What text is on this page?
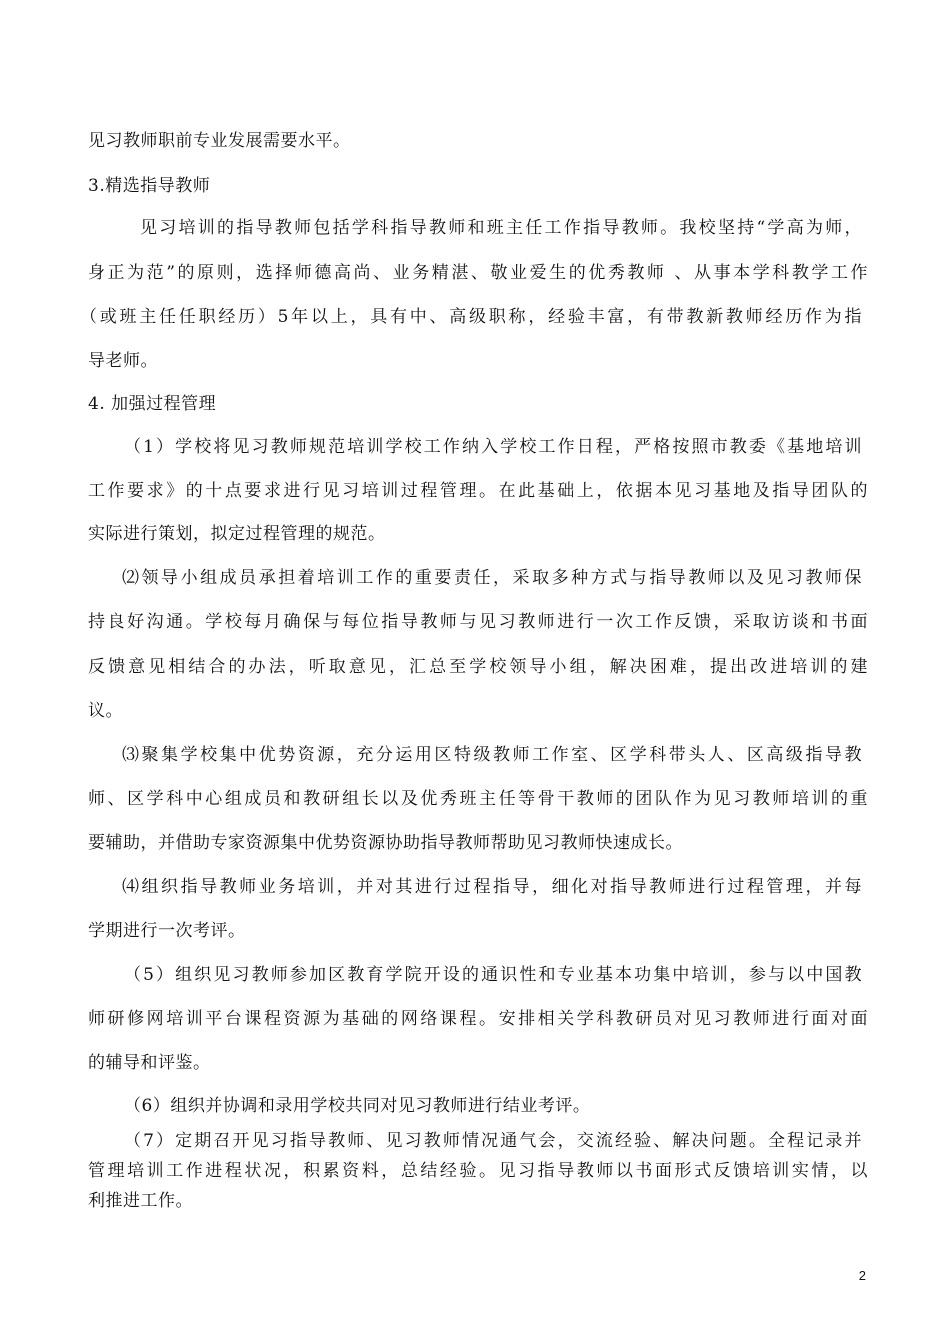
见习教师职前专业发展需要水平。
3.精选指导教师
见习培训的指导教师包括学科指导教师和班主任工作指导教师。我校坚持“学高为师，
身正为范”的原则，选择师德高尚、业务精湛、敬业爱生的优秀教师 、从事本学科教学工作
（或班主任任职经历）5年以上，具有中、高级职称，经验丰富，有带教新教师经历作为指
导老师。
4. 加强过程管理
（1）学校将见习教师规范培训学校工作纳入学校工作日程，严格按照市教委《基地培训
工作要求》的十点要求进行见习培训过程管理。在此基础上，依据本见习基地及指导团队的
实际进行策划，拟定过程管理的规范。
⑵领导小组成员承担着培训工作的重要责任，采取多种方式与指导教师以及见习教师保
持良好沟通。学校每月确保与每位指导教师与见习教师进行一次工作反馈，采取访谈和书面
反馈意见相结合的办法，听取意见，汇总至学校领导小组，解决困难，提出改进培训的建
议。
⑶聚集学校集中优势资源，充分运用区特级教师工作室、区学科带头人、区高级指导教
师、区学科中心组成员和教研组长以及优秀班主任等骨干教师的团队作为见习教师培训的重
要辅助，并借助专家资源集中优势资源协助指导教师帮助见习教师快速成长。
⑷组织指导教师业务培训，并对其进行过程指导，细化对指导教师进行过程管理，并每
学期进行一次考评。
（5）组织见习教师参加区教育学院开设的通识性和专业基本功集中培训，参与以中国教
师研修网培训平台课程资源为基础的网络课程。安排相关学科教研员对见习教师进行面对面
的辅导和评鉴。
（6）组织并协调和录用学校共同对见习教师进行结业考评。
（7）定期召开见习指导教师、见习教师情况通气会，交流经验、解决问题。全程记录并
管理培训工作进程状况，积累资料，总结经验。见习指导教师以书面形式反馈培训实情，以
利推进工作。
2
